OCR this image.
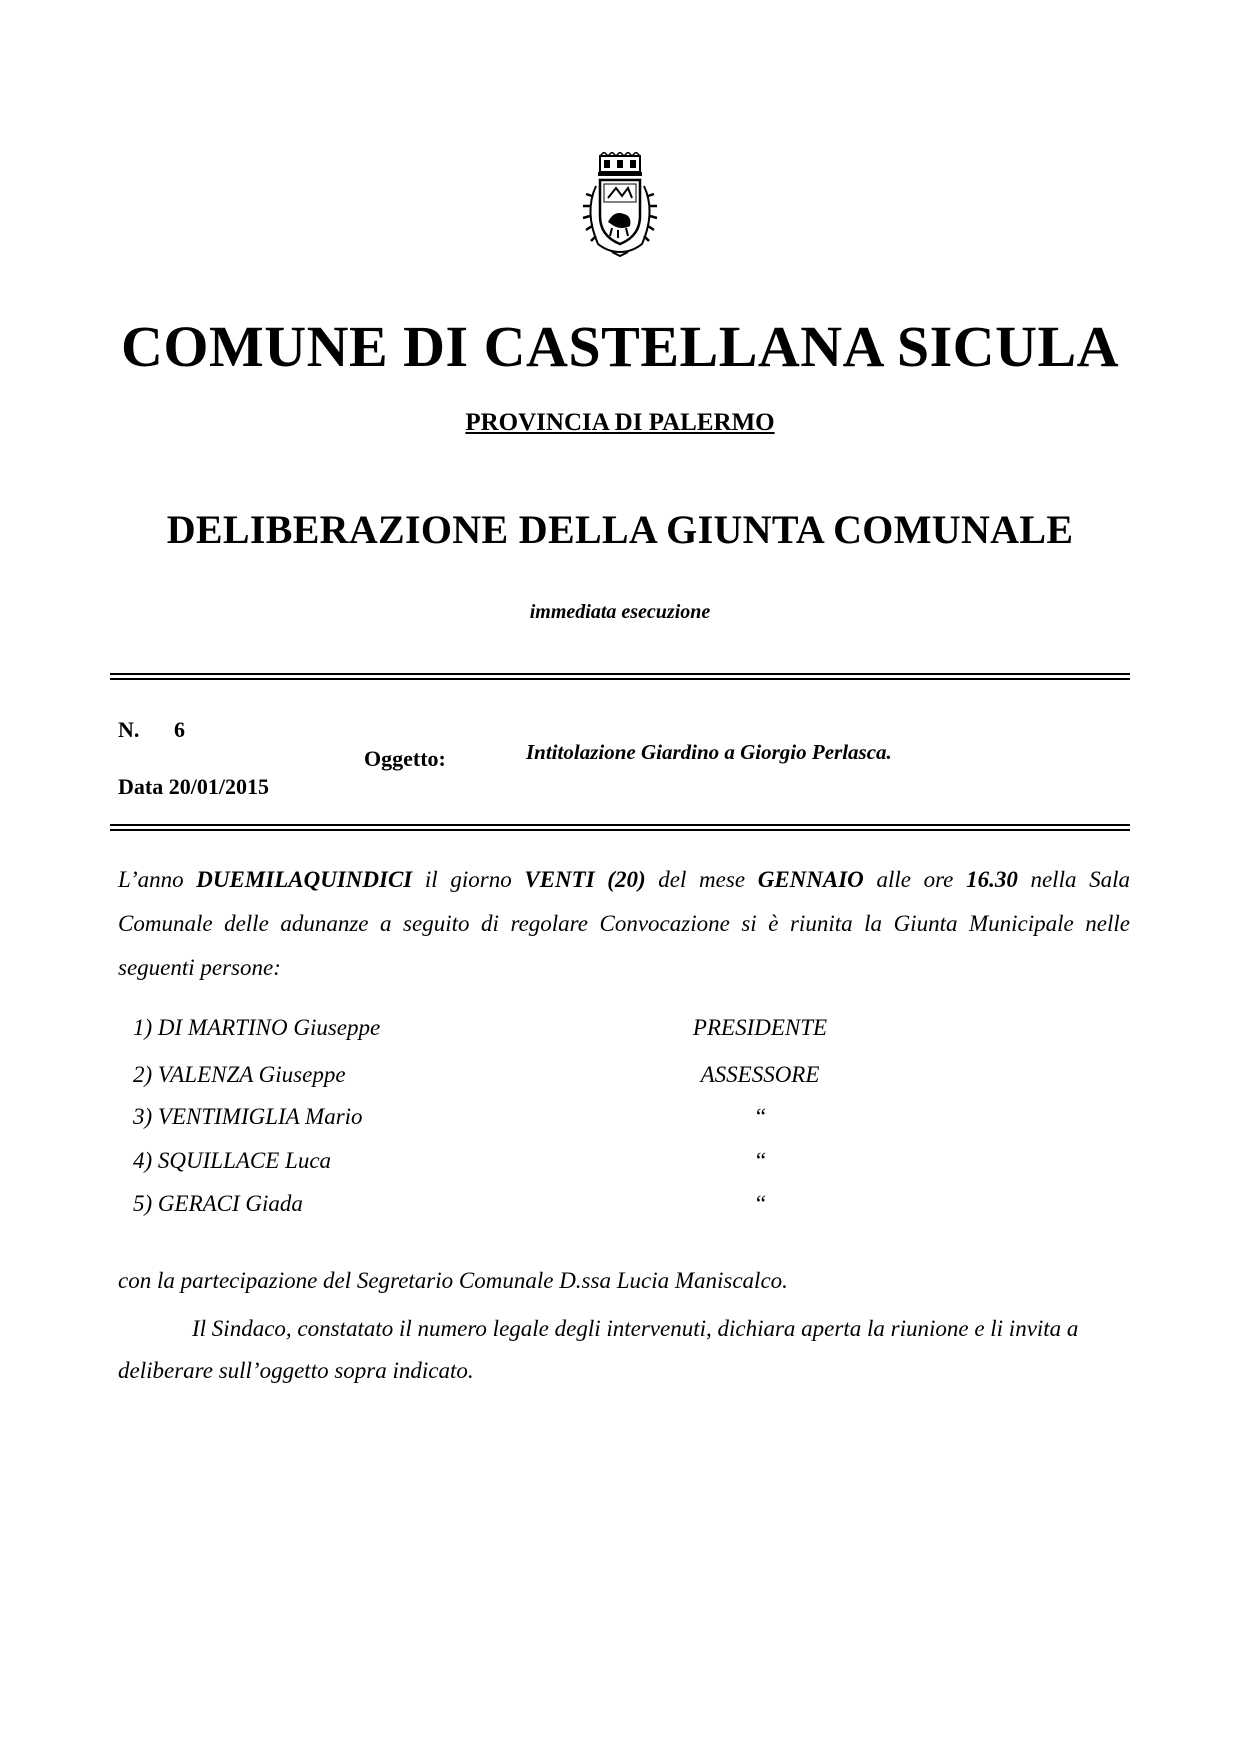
COMUNE DI CASTELLANA SICULA
PROVINCIA DI PALERMO
DELIBERAZIONE DELLA GIUNTA COMUNALE
immediata esecuzione
N. 6
Data 20/01/2015
Oggetto:	Intitolazione Giardino a Giorgio Perlasca.
L’anno DUEMILAQUINDICI il giorno VENTI (20) del mese GENNAIO alle ore 16.30 nella Sala Comunale delle adunanze a seguito di regolare Convocazione si è riunita la Giunta Municipale nelle seguenti persone:
1) DI MARTINO Giuseppe	PRESIDENTE
2) VALENZA Giuseppe	ASSESSORE
3) VENTIMIGLIA Mario	“
4) SQUILLACE Luca	“
5) GERACI Giada	“
con la partecipazione del Segretario Comunale D.ssa Lucia Maniscalco.
Il Sindaco, constatato il numero legale degli intervenuti, dichiara aperta la riunione e li invita a deliberare sull’oggetto sopra indicato.
